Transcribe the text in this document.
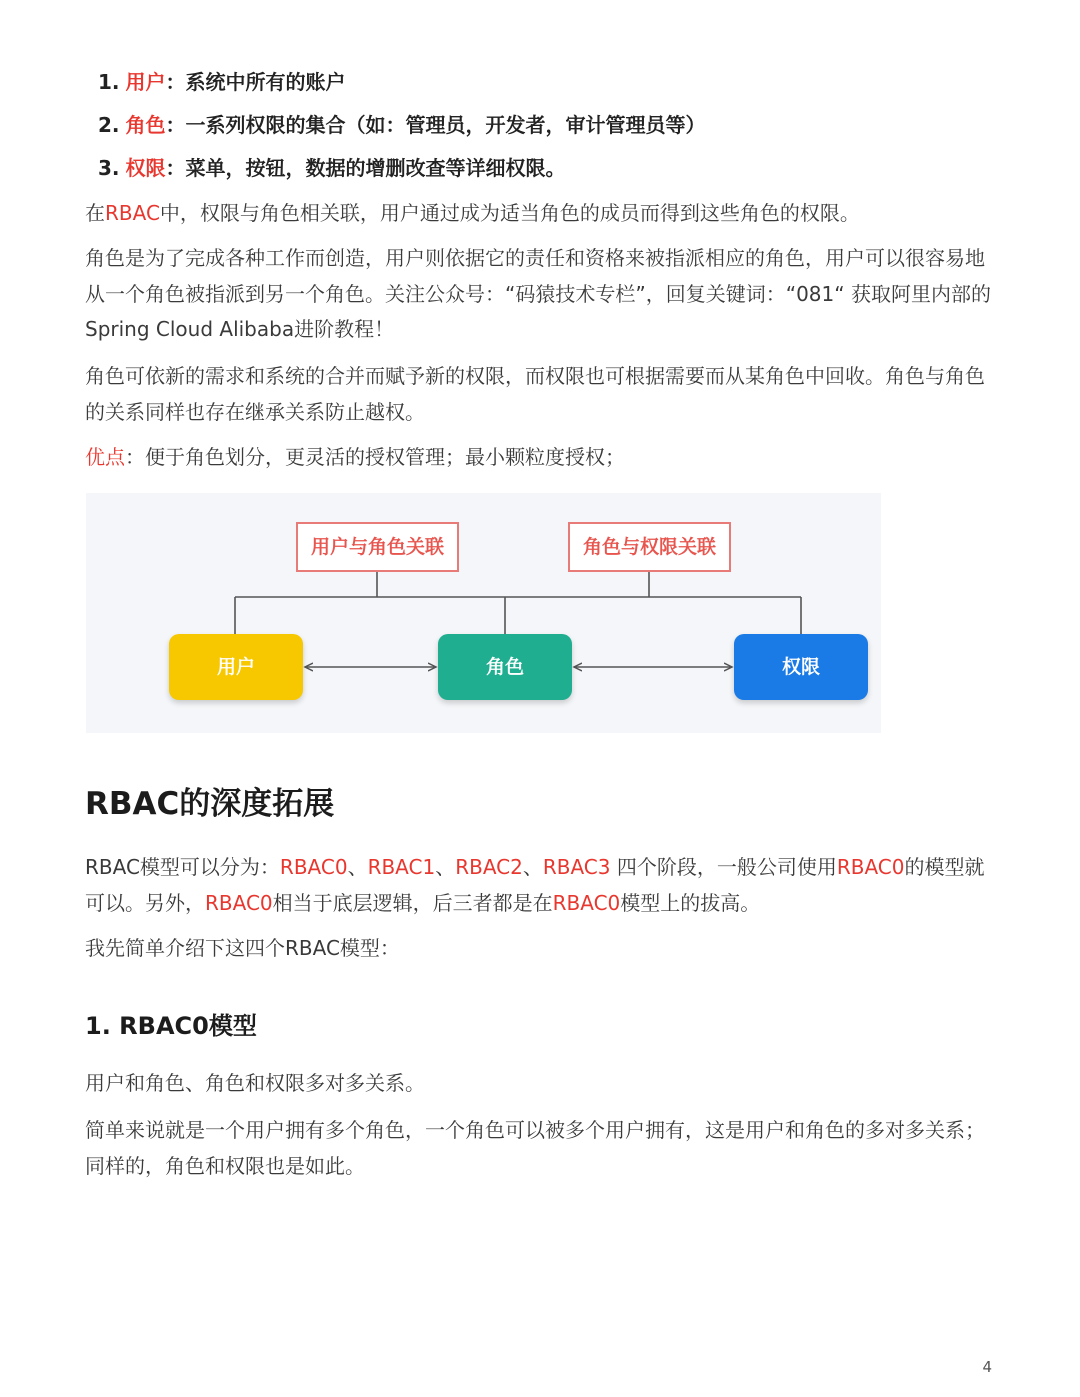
1. 用户：系统中所有的账户
2. 角色：一系列权限的集合（如：管理员，开发者，审计管理员等）
3. 权限：菜单，按钮，数据的增删改查等详细权限。

在RBAC中，权限与角色相关联，用户通过成为适当角色的成员而得到这些角色的权限。

角色是为了完成各种工作而创造，用户则依据它的责任和资格来被指派相应的角色，用户可以很容易地从一个角色被指派到另一个角色。关注公众号：“码猿技术专栏”，回复关键词：“081“ 获取阿里内部的Spring Cloud Alibaba进阶教程！

角色可依新的需求和系统的合并而赋予新的权限，而权限也可根据需要而从某角色中回收。角色与角色的关系同样也存在继承关系防止越权。

优点：便于角色划分，更灵活的授权管理；最小颗粒度授权；

用户与角色关联	角色与权限关联
用户	角色	权限
RBAC的深度拓展

RBAC模型可以分为：RBAC0、RBAC1、RBAC2、RBAC3 四个阶段，一般公司使用RBAC0的模型就可以。另外，RBAC0相当于底层逻辑，后三者都是在RBAC0模型上的拔高。

我先简单介绍下这四个RBAC模型：

1. RBAC0模型

用户和角色、角色和权限多对多关系。

简单来说就是一个用户拥有多个角色，一个角色可以被多个用户拥有，这是用户和角色的多对多关系；同样的，角色和权限也是如此。

4
